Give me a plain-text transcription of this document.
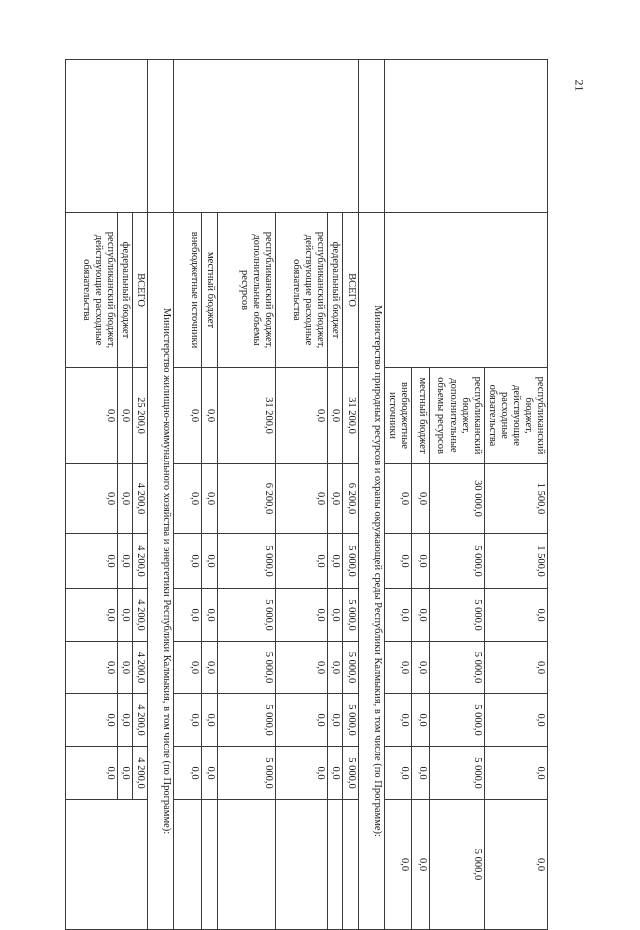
		республиканский бюджет, действующие расходные обязательства	1 500,0	1 500,0	0,0	0,0	0,0	0,0	0,0
		республиканский бюджет, дополнительные объемы ресурсов	30 000,0	5 000,0	5 000,0	5 000,0	5 000,0	5 000,0	5 000,0
		местный бюджет	0,0	0,0	0,0	0,0	0,0	0,0	0,0
		внебюджетные источники	0,0	0,0	0,0	0,0	0,0	0,0	0,0
	Министерство природных ресурсов и охраны окружающей среды Республики Калмыкия, в том числе (по Программе):								
	ВСЕГО	31 200,0	6 200,0	5 000,0	5 000,0	5 000,0	5 000,0	5 000,0	
	федеральный бюджет	0,0	0,0	0,0	0,0	0,0	0,0	0,0	
	республиканский бюджет, действующие расходные обязательства	0,0	0,0	0,0	0,0	0,0	0,0	0,0	
	республиканский бюджет, дополнительные объемы ресурсов	31 200,0	6 200,0	5 000,0	5 000,0	5 000,0	5 000,0	5 000,0	
	местный бюджет	0,0	0,0	0,0	0,0	0,0	0,0	0,0	
	внебюджетные источники	0,0	0,0	0,0	0,0	0,0	0,0	0,0	
	Министерство жилищно-коммунального хозяйства и энергетики Республики Калмыкия, в том числе (по Программе):								
	ВСЕГО	25 200,0	4 200,0	4 200,0	4 200,0	4 200,0	4 200,0	4 200,0	
	федеральный бюджет	0,0	0,0	0,0	0,0	0,0	0,0	0,0	
	республиканский бюджет, действующие расходные обязательства	0,0	0,0	0,0	0,0	0,0	0,0	0,0	
21
